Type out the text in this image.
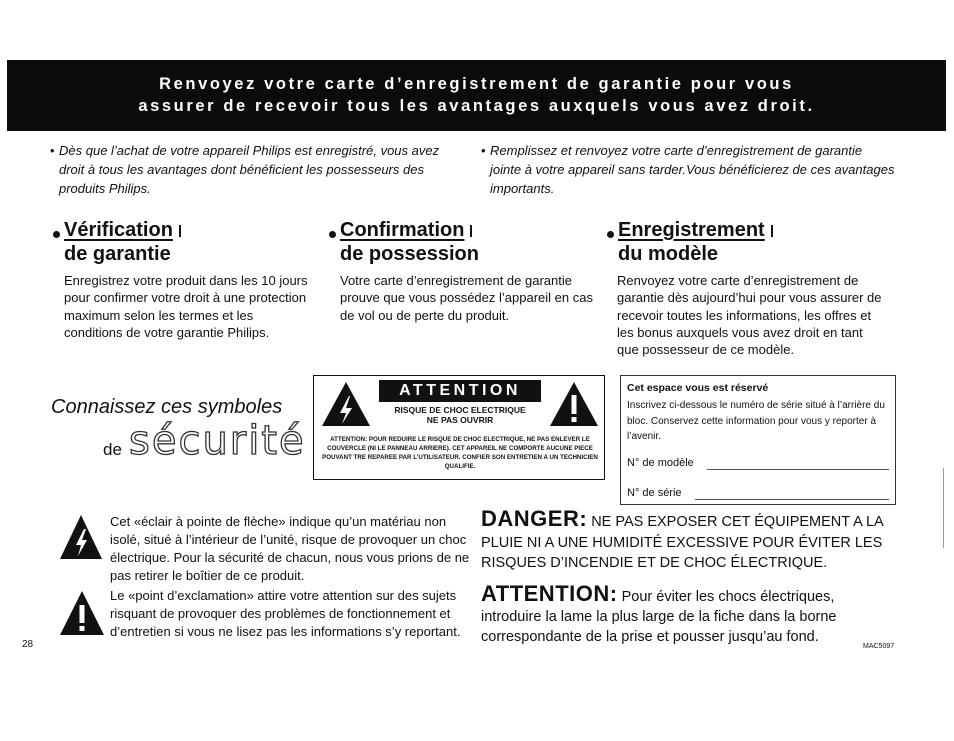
Renvoyez votre carte d’enregistrement de garantie pour vous
assurer de recevoir tous les avantages auxquels vous avez droit.
• Dès que l’achat de votre appareil Philips est enregistré, vous avez droit à tous les avantages dont bénéficient les possesseurs des produits Philips.
• Remplissez et renvoyez votre carte d’enregistrement de garantie jointe à votre appareil sans tarder.Vous bénéficierez de ces avantages importants.
Vérification
de garantie
Enregistrez votre produit dans les 10 jours pour confirmer votre droit à une protection maximum selon les termes et les conditions de votre garantie Philips.
Confirmation
de possession
Votre carte d’enregistrement de garantie prouve que vous possédez l’appareil en cas de vol ou de perte du produit.
Enregistrement
du modèle
Renvoyez votre carte d’enregistrement de garantie dès aujourd’hui pour vous assurer de recevoir toutes les informations, les offres et les bonus auxquels vous avez droit en tant que possesseur de ce modèle.
Connaissez ces symboles
de sécurité
ATTENTION
RISQUE DE CHOC ELECTRIQUE
NE PAS OUVRIR
ATTENTION: POUR REDUIRE LE RISQUE DE CHOC ELECTRIQUE, NE PAS ENLEVER LE COUVERCLE (NI LE PANNEAU ARRIERE). CET APPAREIL NE COMPORTE AUCUNE PIECE POUVANT TRE REPAREE PAR L’UTILISATEUR. CONFIER SON ENTRETIEN A UN TECHNICIEN QUALIFIE.
Cet espace vous est réservé
Inscrivez ci-dessous le numéro de série situé à l’arrière du bloc. Conservez cette information pour vous y reporter à l’avenir.
N° de modèle
N° de série
Cet «éclair à pointe de flèche» indique qu’un matériau non isolé, situé à l’intérieur de l’unité, risque de provoquer un choc électrique. Pour la sécurité de chacun, nous vous prions de ne pas retirer le boîtier de ce produit.
Le «point d’exclamation» attire votre attention sur des sujets risquant de provoquer des problèmes de fonctionnement et d’entretien si vous ne lisez pas les informations s’y reportant.
DANGER: NE PAS EXPOSER CET ÉQUIPEMENT A LA PLUIE NI A UNE HUMIDITÉ EXCESSIVE POUR ÉVITER LES RISQUES D’INCENDIE ET DE CHOC ÉLECTRIQUE.
ATTENTION: Pour éviter les chocs électriques, introduire la lame la plus large de la fiche dans la borne correspondante de la prise et pousser jusqu’au fond.
28	MAC5097
